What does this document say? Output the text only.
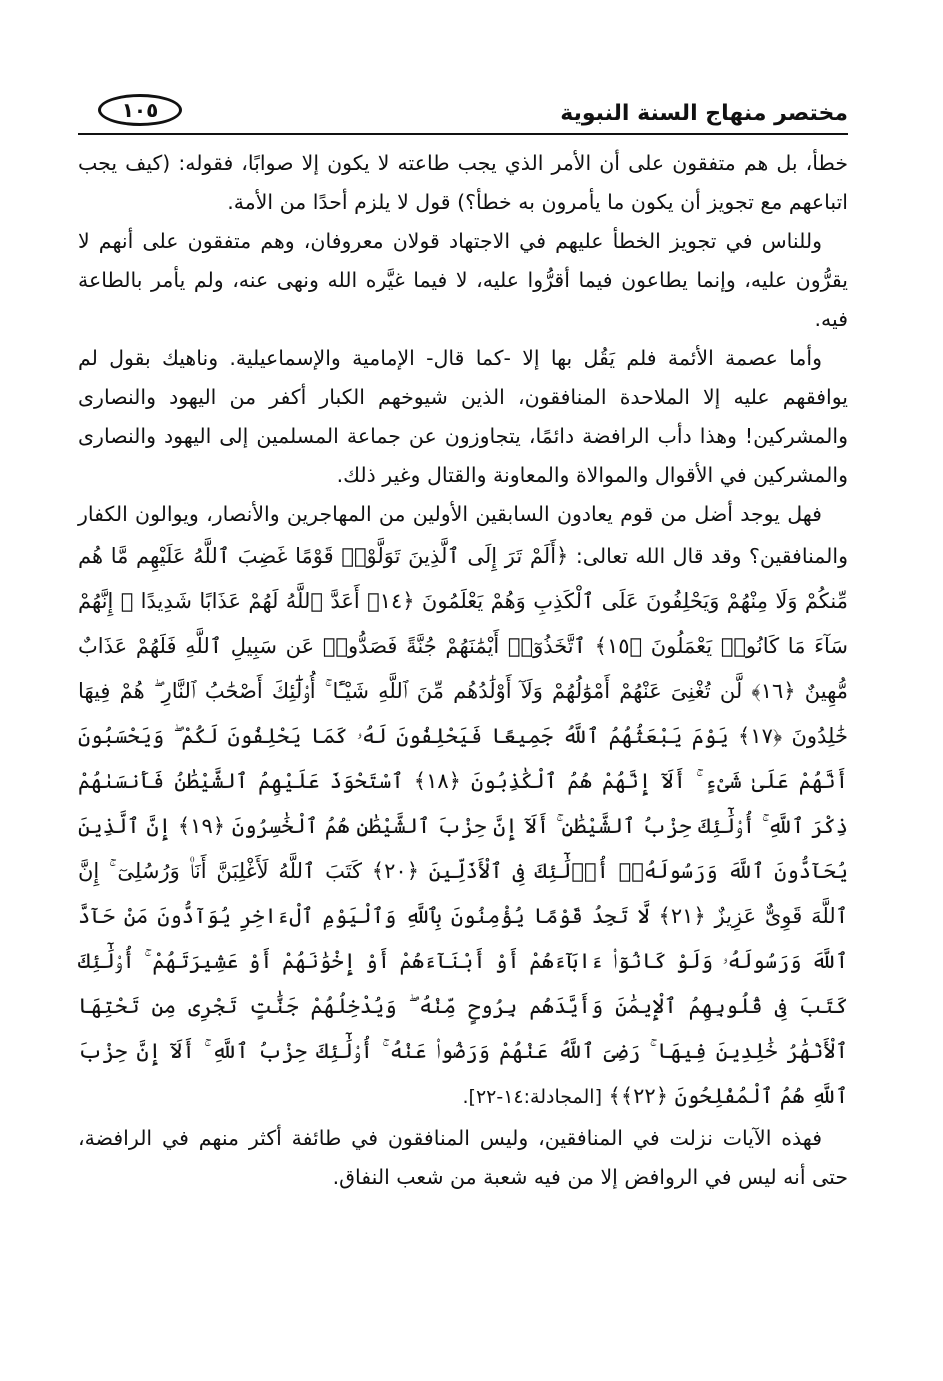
مختصر منهاج السنة النبوية
١٠٥

خطأ، بل هم متفقون على أن الأمر الذي يجب طاعته لا يكون إلا صوابًا، فقوله: (كيف يجب اتباعهم مع تجويز أن يكون ما يأمرون به خطأ؟) قول لا يلزم أحدًا من الأمة.

وللناس في تجويز الخطأ عليهم في الاجتهاد قولان معروفان، وهم متفقون على أنهم لا يقرُّون عليه، وإنما يطاعون فيما أقرُّوا عليه، لا فيما غيَّره الله ونهى عنه، ولم يأمر بالطاعة فيه.

وأما عصمة الأئمة فلم يَقُل بها إلا -كما قال- الإمامية والإسماعيلية. وناهيك بقول لم يوافقهم عليه إلا الملاحدة المنافقون، الذين شيوخهم الكبار أكفر من اليهود والنصارى والمشركين! وهذا دأب الرافضة دائمًا، يتجاوزون عن جماعة المسلمين إلى اليهود والنصارى والمشركين في الأقوال والموالاة والمعاونة والقتال وغير ذلك.

فهل يوجد أضل من قوم يعادون السابقين الأولين من المهاجرين والأنصار، ويوالون الكفار والمنافقين؟ وقد قال الله تعالى: ﴿أَلَمْ تَرَ إِلَى ٱلَّذِينَ تَوَلَّوْا۟ قَوْمًا غَضِبَ ٱللَّهُ عَلَيْهِم مَّا هُم مِّنكُمْ وَلَا مِنْهُمْ وَيَحْلِفُونَ عَلَى ٱلْكَذِبِ وَهُمْ يَعْلَمُونَ ﴿١٤﴾ أَعَدَّ ٱللَّهُ لَهُمْ عَذَابًا شَدِيدًا ۖ إِنَّهُمْ سَآءَ مَا كَانُوا۟ يَعْمَلُونَ ﴿١٥﴾ ٱتَّخَذُوٓا۟ أَيْمَٰنَهُمْ جُنَّةً فَصَدُّوا۟ عَن سَبِيلِ ٱللَّهِ فَلَهُمْ عَذَابٌ مُّهِينٌ ﴿١٦﴾ لَّن تُغْنِىَ عَنْهُمْ أَمْوَٰلُهُمْ وَلَآ أَوْلَٰدُهُم مِّنَ ٱللَّهِ شَيْـًٔا ۚ أُو۟لَٰٓئِكَ أَصْحَٰبُ ٱلنَّارِ ۖ هُمْ فِيهَا خَٰلِدُونَ ﴿١٧﴾ يَوْمَ يَبْعَثُهُمُ ٱللَّهُ جَمِيعًا فَيَحْلِفُونَ لَهُۥ كَمَا يَحْلِفُونَ لَكُمْ ۖ وَيَحْسَبُونَ أَنَّهُمْ عَلَىٰ شَىْءٍ ۚ أَلَآ إِنَّهُمْ هُمُ ٱلْكَٰذِبُونَ ﴿١٨﴾ ٱسْتَحْوَذَ عَلَيْهِمُ ٱلشَّيْطَٰنُ فَأَنسَىٰهُمْ ذِكْرَ ٱللَّهِ ۚ أُو۟لَٰٓئِكَ حِزْبُ ٱلشَّيْطَٰنِ ۚ أَلَآ إِنَّ حِزْبَ ٱلشَّيْطَٰنِ هُمُ ٱلْخَٰسِرُونَ ﴿١٩﴾ إِنَّ ٱلَّذِينَ يُحَآدُّونَ ٱللَّهَ وَرَسُولَهُۥٓ أُو۟لَٰٓئِكَ فِى ٱلْأَذَلِّينَ ﴿٢٠﴾ كَتَبَ ٱللَّهُ لَأَغْلِبَنَّ أَنَا۠ وَرُسُلِىٓ ۚ إِنَّ ٱللَّهَ قَوِىٌّ عَزِيزٌ ﴿٢١﴾ لَّا تَجِدُ قَوْمًا يُؤْمِنُونَ بِٱللَّهِ وَٱلْيَوْمِ ٱلْءَاخِرِ يُوَآدُّونَ مَنْ حَآدَّ ٱللَّهَ وَرَسُولَهُۥ وَلَوْ كَانُوٓا۟ ءَابَآءَهُمْ أَوْ أَبْنَآءَهُمْ أَوْ إِخْوَٰنَهُمْ أَوْ عَشِيرَتَهُمْ ۚ أُو۟لَٰٓئِكَ كَتَبَ فِى قُلُوبِهِمُ ٱلْإِيمَٰنَ وَأَيَّدَهُم بِرُوحٍ مِّنْهُ ۖ وَيُدْخِلُهُمْ جَنَّٰتٍ تَجْرِى مِن تَحْتِهَا ٱلْأَنْهَٰرُ خَٰلِدِينَ فِيهَا ۚ رَضِىَ ٱللَّهُ عَنْهُمْ وَرَضُوا۟ عَنْهُ ۚ أُو۟لَٰٓئِكَ حِزْبُ ٱللَّهِ ۚ أَلَآ إِنَّ حِزْبَ ٱللَّهِ هُمُ ٱلْمُفْلِحُونَ ﴿٢٢﴾﴾ [المجادلة:١٤-٢٢].

فهذه الآيات نزلت في المنافقين، وليس المنافقون في طائفة أكثر منهم في الرافضة، حتى أنه ليس في الروافض إلا من فيه شعبة من شعب النفاق.
